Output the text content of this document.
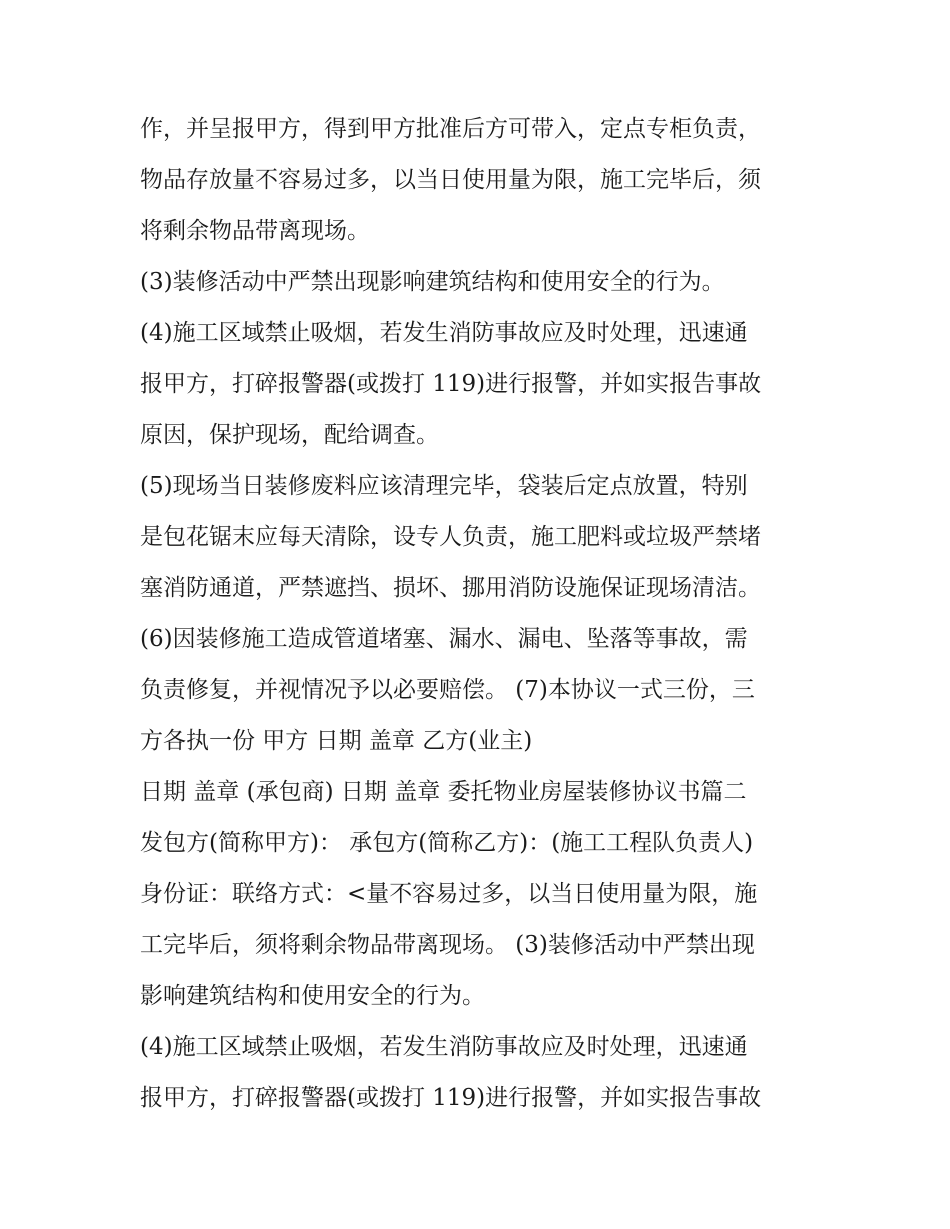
作，并呈报甲方，得到甲方批准后方可带入，定点专柜负责，
物品存放量不容易过多，以当日使用量为限，施工完毕后，须
将剩余物品带离现场。
(3)装修活动中严禁出现影响建筑结构和使用安全的行为。
(4)施工区域禁止吸烟，若发生消防事故应及时处理，迅速通
报甲方，打碎报警器(或拨打 119)进行报警，并如实报告事故
原因，保护现场，配给调查。
(5)现场当日装修废料应该清理完毕，袋装后定点放置，特别
是包花锯末应每天清除，设专人负责，施工肥料或垃圾严禁堵
塞消防通道，严禁遮挡、损坏、挪用消防设施保证现场清洁。
(6)因装修施工造成管道堵塞、漏水、漏电、坠落等事故，需
负责修复，并视情况予以必要赔偿。 (7)本协议一式三份，三
方各执一份 甲方 日期 盖章 乙方(业主)
日期 盖章 (承包商) 日期 盖章 委托物业房屋装修协议书篇二
发包方(简称甲方)： 承包方(简称乙方)：(施工工程队负责人)
身份证：联络方式：<量不容易过多，以当日使用量为限，施
工完毕后，须将剩余物品带离现场。 (3)装修活动中严禁出现
影响建筑结构和使用安全的行为。
(4)施工区域禁止吸烟，若发生消防事故应及时处理，迅速通
报甲方，打碎报警器(或拨打 119)进行报警，并如实报告事故
